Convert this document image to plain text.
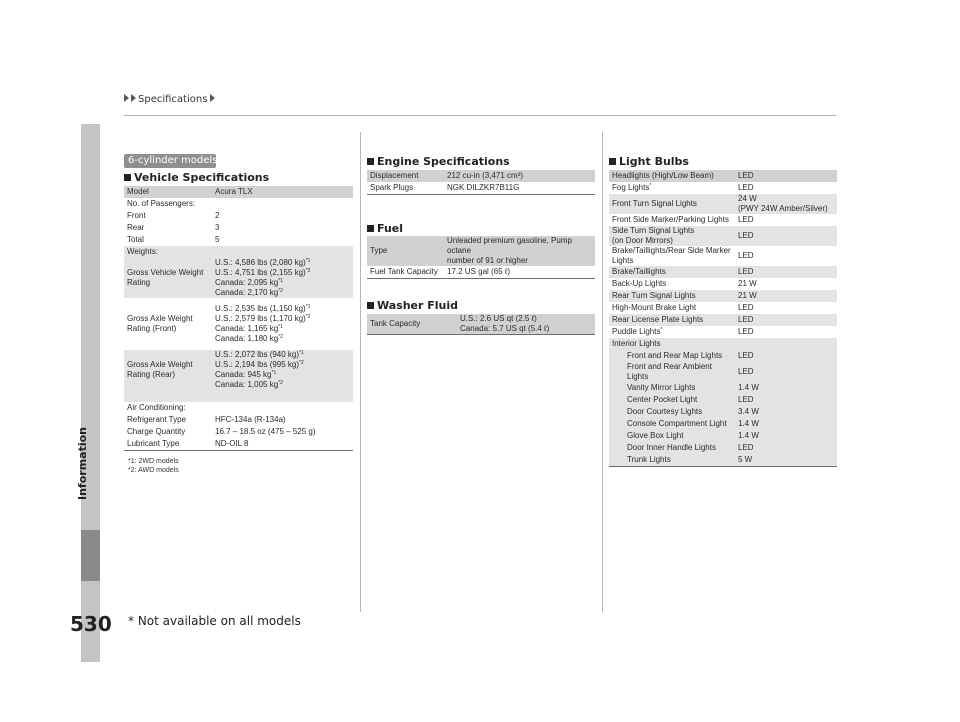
Specifications
Information
530 * Not available on all models
6-cylinder models
Vehicle Specifications
Model	Acura TLX
No. of Passengers:	
Front	2
Rear	3
Total	5
Weights:	
Gross Vehicle Weight
Rating	U.S.: 4,586 lbs (2,080 kg)$^{*1}$
U.S.: 4,751 lbs (2,155 kg)$^{*2}$
Canada: 2,095 $kg^{*1}$
Canada: 2,170 $kg^{*2}$

Gross Axle Weight
Rating (Front)	U.S.: 2,535 lbs (1,150 kg)$^{*1}$
U.S.: 2,579 lbs (1,170 kg)$^{*2}$
Canada: 1,165 $kg^{*1}$
Canada: 1,180 $kg^{*2}$

Gross Axle Weight
Rating (Rear)	U.S.: 2,072 lbs (940 kg)$^{*1}$
U.S.: 2,194 lbs (995 kg)$^{*2}$
Canada: 945 $kg^{*1}$
Canada: 1,005 $kg^{*2}$

Air Conditioning:	
Refrigerant Type	HFC-134a (R-134a)
Charge Quantity	16.7 – 18.5 oz (475 – 525 g)
Lubricant Type	ND-OIL 8
*1: 2WD models
*2: AWD models
Engine Specifications
Displacement	212 cu-in (3,471 cm³)
Spark Plugs	NGK DILZKR7B11G
Fuel
Type	Unleaded premium gasoline, Pump octane
number of 91 or higher
Fuel Tank Capacity	17.2 US gal (65 ℓ)
Washer Fluid
Tank Capacity	U.S.: 2.6 US qt (2.5 ℓ)
Canada: 5.7 US qt (5.4 ℓ)
Light Bulbs
Headlights (High/Low Beam)	LED
Fog Lights*	LED
Front Turn Signal Lights	24 W
(PWY 24W Amber/Silver)
Front Side Marker/Parking Lights	LED
Side Turn Signal Lights
(on Door Mirrors)	LED
Brake/Taillights/Rear Side Marker
Lights	LED
Brake/Taillights	LED
Back-Up Lights	21 W
Rear Turn Signal Lights	21 W
High-Mount Brake Light	LED
Rear License Plate Lights	LED
Puddle Lights*	LED
Interior Lights	
Front and Rear Map Lights	LED
Front and Rear Ambient Lights	LED
Vanity Mirror Lights	1.4 W
Center Pocket Light	LED
Door Courtesy Lights	3.4 W
Console Compartment Light	1.4 W
Glove Box Light	1.4 W
Door Inner Handle Lights	LED
Trunk Lights	5 W
